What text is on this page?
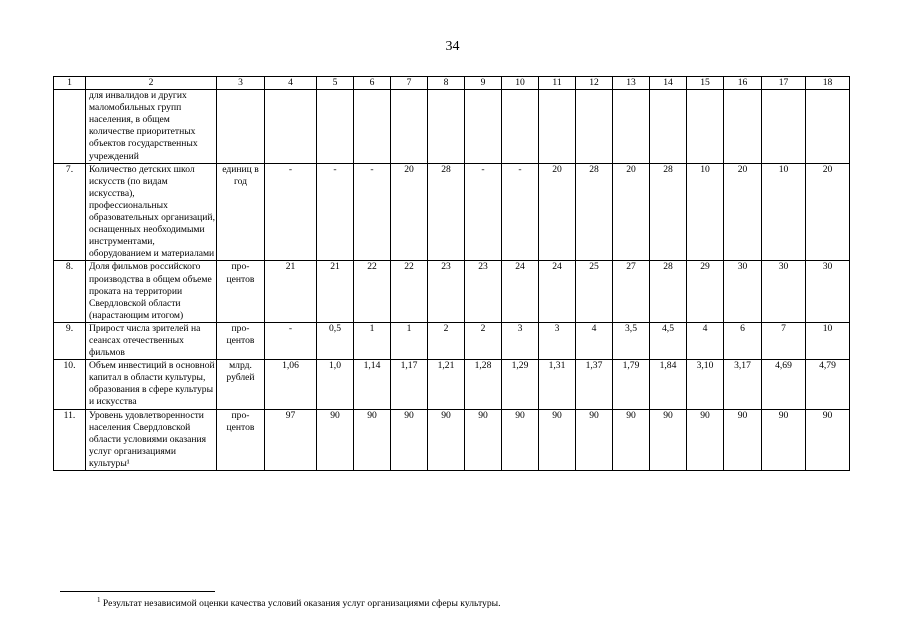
34
1	2	3	4	5	6	7	8	9	10	11	12	13	14	15	16	17	18
	для инвалидов и других маломобильных групп населения, в общем количестве приоритетных объектов государственных учреждений																
7.	Количество детских школ искусств (по видам искусства), профессиональных образовательных организаций, оснащенных необходимыми инструментами, оборудованием и материалами	единиц в год	-	-	-	20	28	-	-	20	28	20	28	10	20	10	20
8.	Доля фильмов российского производства в общем объеме проката на территории Свердловской области (нарастающим итогом)	про-центов	21	21	22	22	23	23	24	24	25	27	28	29	30	30	30
9.	Прирост числа зрителей на сеансах отечественных фильмов	про-центов	-	0,5	1	1	2	2	3	3	4	3,5	4,5	4	6	7	10
10.	Объем инвестиций в основной капитал в области культуры, образования в сфере культуры и искусства	млрд. рублей	1,06	1,0	1,14	1,17	1,21	1,28	1,29	1,31	1,37	1,79	1,84	3,10	3,17	4,69	4,79
11.	Уровень удовлетворенности населения Свердловской области условиями оказания услуг организациями культуры¹	про-центов	97	90	90	90	90	90	90	90	90	90	90	90	90	90	90
$^1$ Результат независимой оценки качества условий оказания услуг организациями сферы культуры.
